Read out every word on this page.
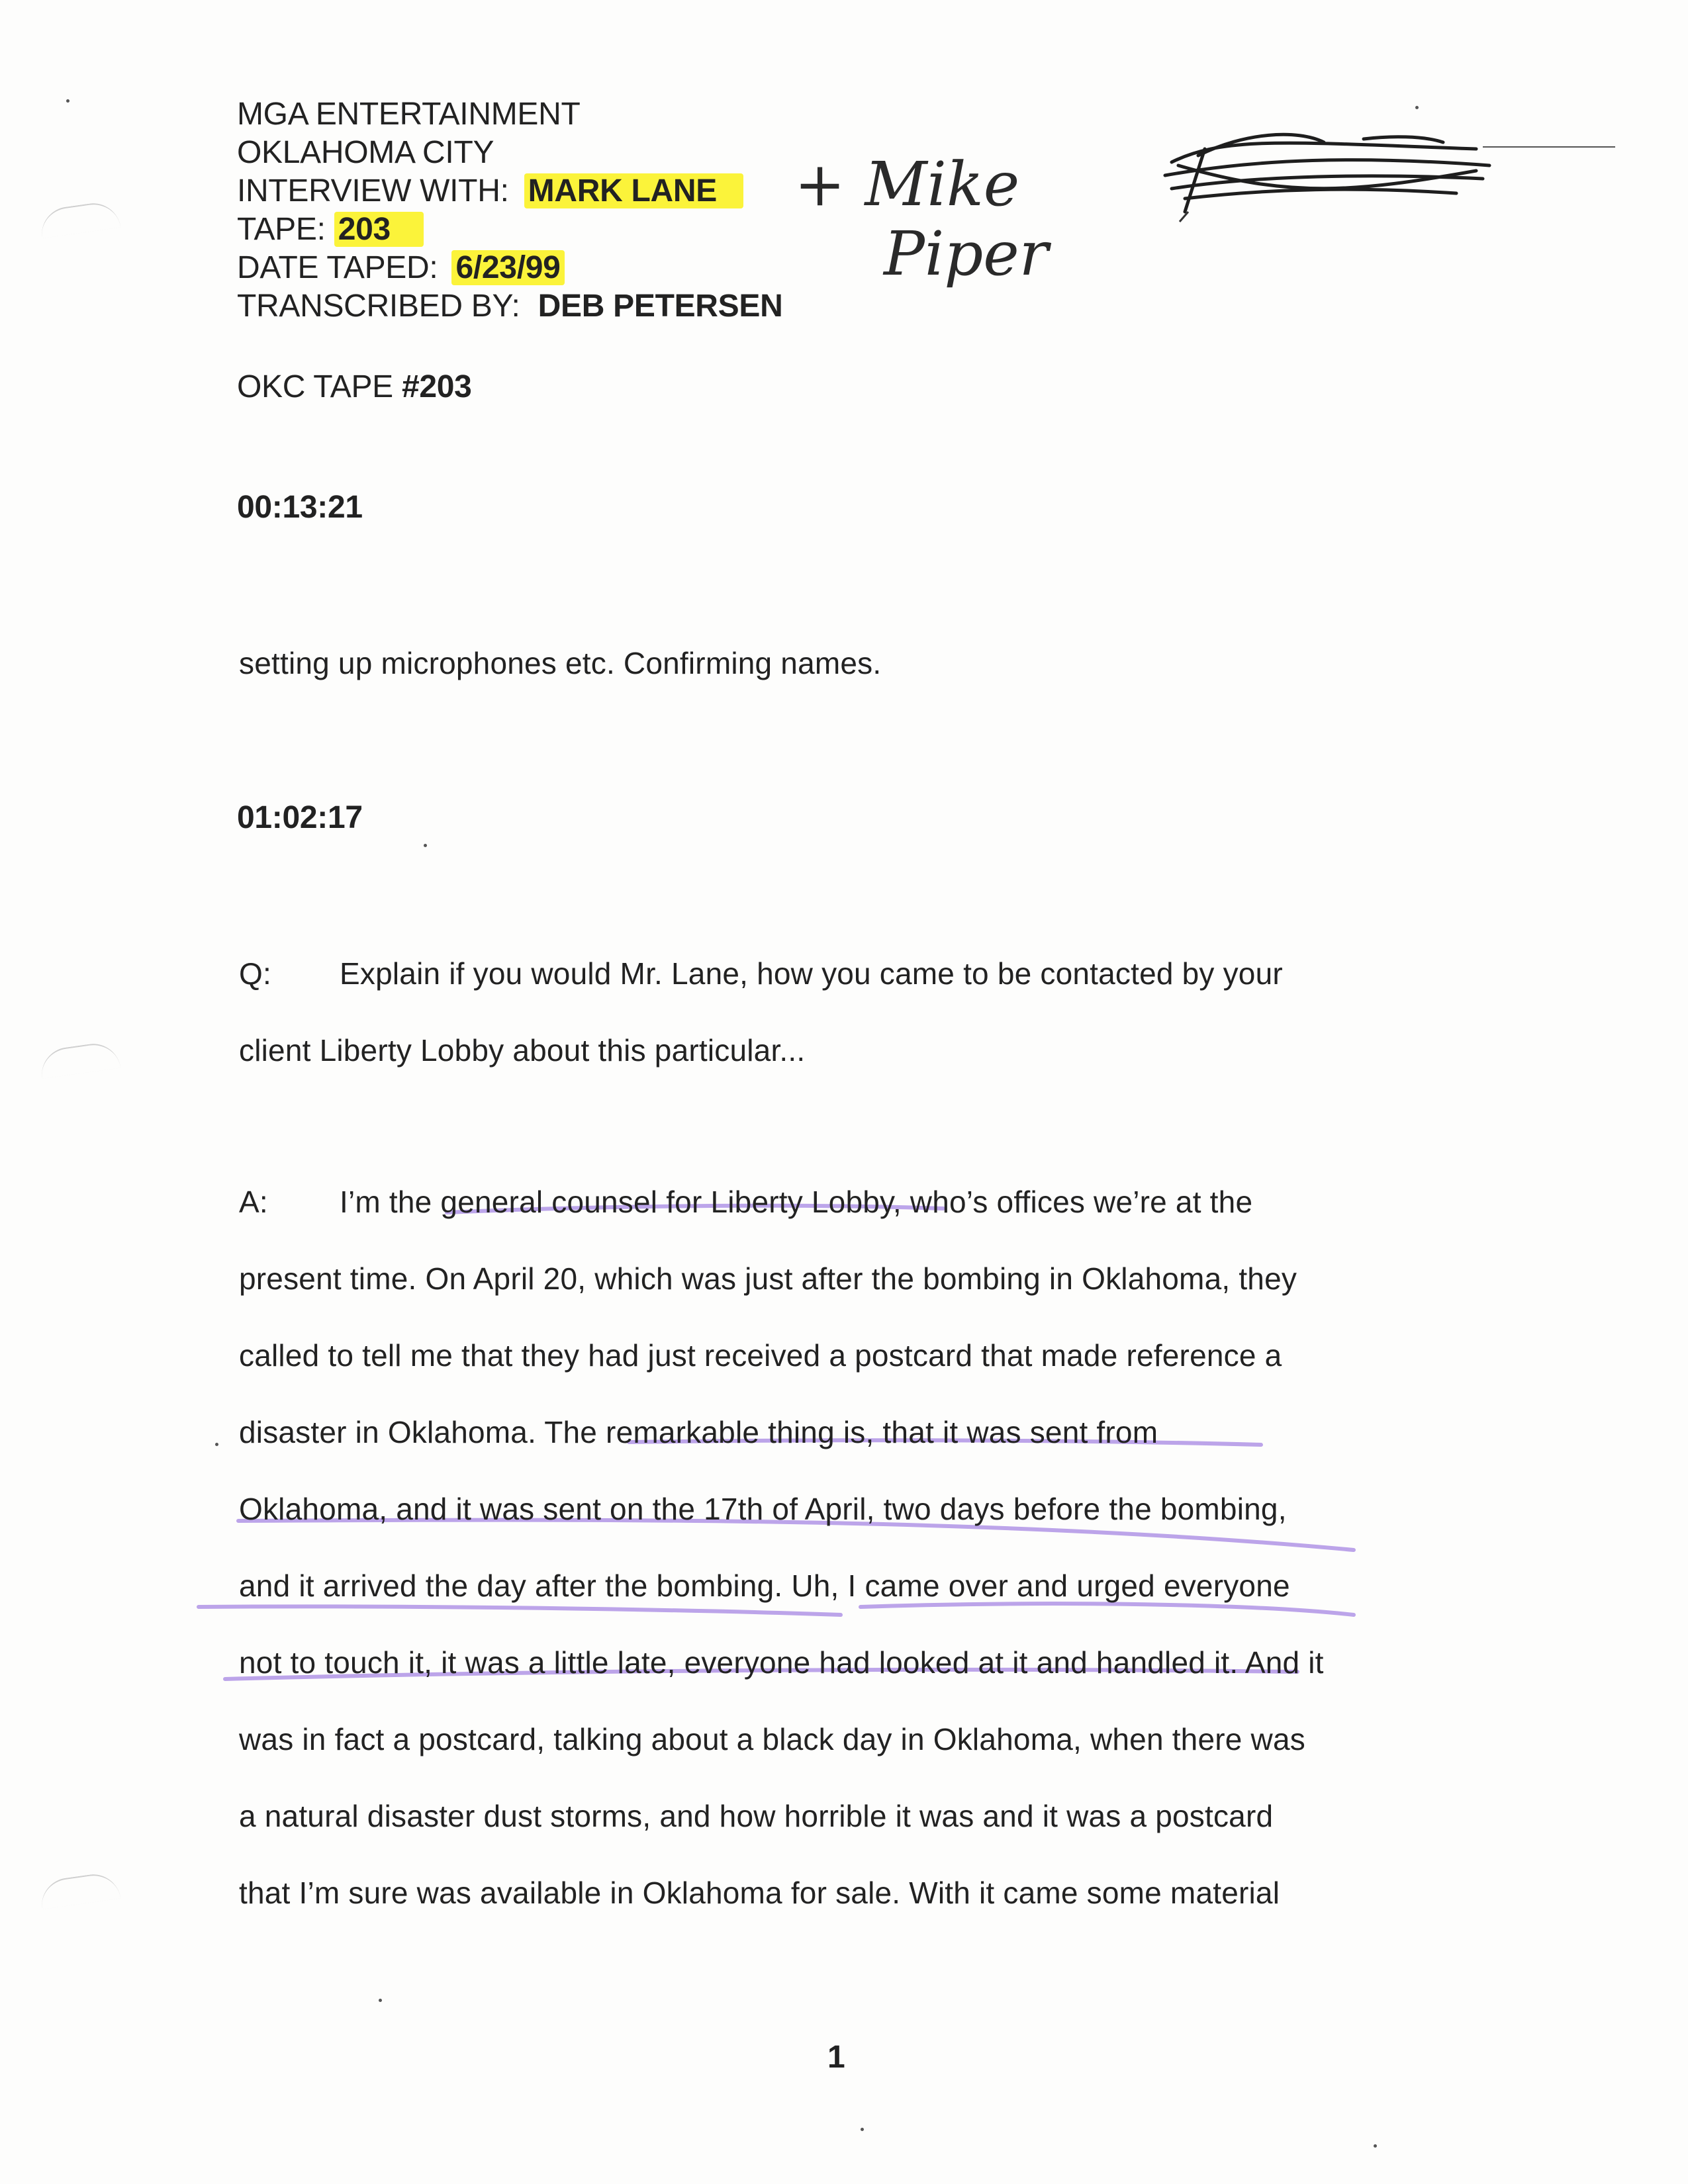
MGA ENTERTAINMENT
OKLAHOMA CITY
INTERVIEW WITH: MARK LANE
TAPE: 203
DATE TAPED: 6/23/99
TRANSCRIBED BY: DEB PETERSEN
OKC TAPE #203
+ Mike
Piper
00:13:21
setting up microphones etc. Confirming names.
01:02:17
Q: Explain if you would Mr. Lane, how you came to be contacted by your
client Liberty Lobby about this particular...
A: I’m the general counsel for Liberty Lobby, who’s offices we’re at the
present time. On April 20, which was just after the bombing in Oklahoma, they
called to tell me that they had just received a postcard that made reference a
disaster in Oklahoma. The remarkable thing is, that it was sent from
Oklahoma, and it was sent on the 17th of April, two days before the bombing,
and it arrived the day after the bombing. Uh, I came over and urged everyone
not to touch it, it was a little late, everyone had looked at it and handled it. And it
was in fact a postcard, talking about a black day in Oklahoma, when there was
a natural disaster dust storms, and how horrible it was and it was a postcard
that I’m sure was available in Oklahoma for sale. With it came some material
1
